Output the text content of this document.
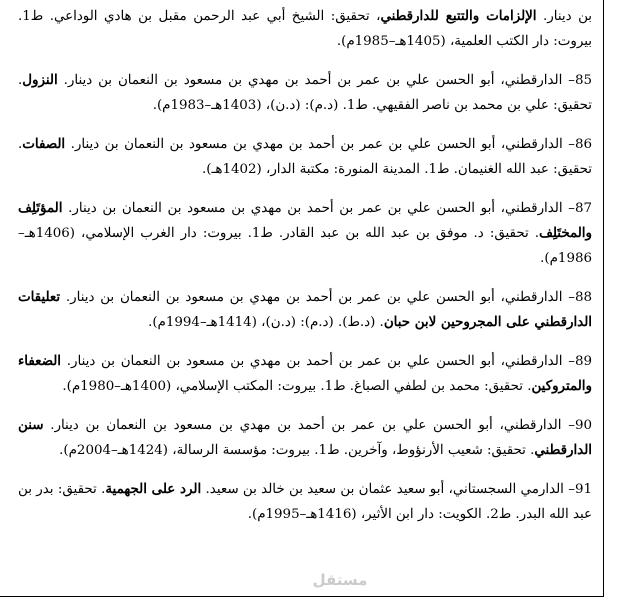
بن دينار. الإلزامات والتتبع للدارقطني، تحقيق: الشيخ أبي عبد الرحمن مقبل بن هادي الوداعي. ط1. بيروت: دار الكتب العلمية، (1405هـ–1985م).

85– الدارقطني، أبو الحسن علي بن عمر بن أحمد بن مهدي بن مسعود بن النعمان بن دينار. النزول. تحقيق: علي بن محمد بن ناصر الفقيهي. ط1. (د.م): (د.ن)، (1403هـ–1983م).

86– الدارقطني، أبو الحسن علي بن عمر بن أحمد بن مهدي بن مسعود بن النعمان بن دينار. الصفات. تحقيق: عبد الله الغنيمان. ط1. المدينة المنورة: مكتبة الدار، (1402هـ).

87– الدارقطني، أبو الحسن علي بن عمر بن أحمد بن مهدي بن مسعود بن النعمان بن دينار. المؤتَلِف والمختَلِف. تحقيق: د. موفق بن عبد الله بن عبد القادر. ط1. بيروت: دار الغرب الإسلامي، (1406هـ–1986م).

88– الدارقطني، أبو الحسن علي بن عمر بن أحمد بن مهدي بن مسعود بن النعمان بن دينار. تعليقات الدارقطني على المجروحين لابن حبان. (د.ط). (د.م): (د.ن)، (1414هـ–1994م).

89– الدارقطني، أبو الحسن علي بن عمر بن أحمد بن مهدي بن مسعود بن النعمان بن دينار. الضعفاء والمتروكين. تحقيق: محمد بن لطفي الصباغ. ط1. بيروت: المكتب الإسلامي، (1400هـ–1980م).

90– الدارقطني، أبو الحسن علي بن عمر بن أحمد بن مهدي بن مسعود بن النعمان بن دينار. سنن الدارقطني. تحقيق: شعيب الأرنؤوط، وآخرين. ط1. بيروت: مؤسسة الرسالة، (1424هـ–2004م).

91– الدارمي السجستاني، أبو سعيد عثمان بن سعيد بن خالد بن سعيد. الرد على الجهمية. تحقيق: بدر بن عبد الله البدر. ط2. الكويت: دار ابن الأثير، (1416هـ–1995م).

مستقل
